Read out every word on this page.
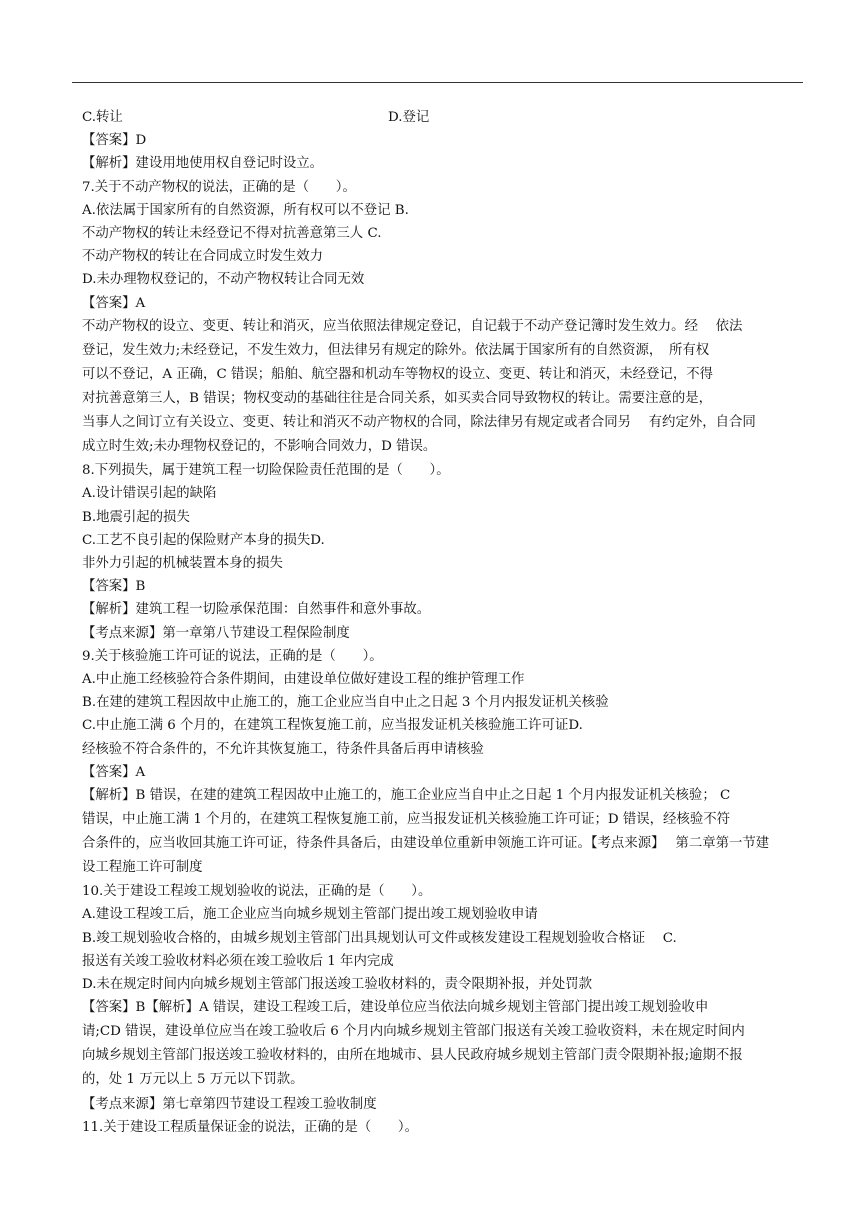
C.转让	D.登记
【答案】D
【解析】建设用地使用权自登记时设立。
7.关于不动产物权的说法，正确的是（　　）。
A.依法属于国家所有的自然资源，所有权可以不登记 B.
不动产物权的转让未经登记不得对抗善意第三人 C.
不动产物权的转让在合同成立时发生效力
D.未办理物权登记的，不动产物权转让合同无效
【答案】A
不动产物权的设立、变更、转让和消灭，应当依照法律规定登记，自记载于不动产登记簿时发生效力。经　 依法
登记，发生效力;未经登记，不发生效力，但法律另有规定的除外。依法属于国家所有的自然资源，　所有权
可以不登记，A 正确，C 错误；船舶、航空器和机动车等物权的设立、变更、转让和消灭，未经登记，不得
对抗善意第三人，B 错误；物权变动的基础往往是合同关系，如买卖合同导致物权的转让。需要注意的是，
当事人之间订立有关设立、变更、转让和消灭不动产物权的合同，除法律另有规定或者合同另　 有约定外，自合同
成立时生效;未办理物权登记的，不影响合同效力，D 错误。
8.下列损失，属于建筑工程一切险保险责任范围的是（　　）。
A.设计错误引起的缺陷
B.地震引起的损失
C.工艺不良引起的保险财产本身的损失D.
非外力引起的机械装置本身的损失
【答案】B
【解析】建筑工程一切险承保范围：自然事件和意外事故。
【考点来源】第一章第八节建设工程保险制度
9.关于核验施工许可证的说法，正确的是（　　）。
A.中止施工经核验符合条件期间，由建设单位做好建设工程的维护管理工作
B.在建的建筑工程因故中止施工的，施工企业应当自中止之日起 3 个月内报发证机关核验
C.中止施工满 6 个月的，在建筑工程恢复施工前，应当报发证机关核验施工许可证D.
经核验不符合条件的，不允许其恢复施工，待条件具备后再申请核验
【答案】A
【解析】B 错误，在建的建筑工程因故中止施工的，施工企业应当自中止之日起 1 个月内报发证机关核验； C
错误，中止施工满 1 个月的，在建筑工程恢复施工前，应当报发证机关核验施工许可证；D 错误，经核验不符
合条件的，应当收回其施工许可证，待条件具备后，由建设单位重新申领施工许可证。【考点来源】　 第二章第一节建
设工程施工许可制度
10.关于建设工程竣工规划验收的说法，正确的是（　　）。
A.建设工程竣工后，施工企业应当向城乡规划主管部门提出竣工规划验收申请
B.竣工规划验收合格的，由城乡规划主管部门出具规划认可文件或核发建设工程规划验收合格证　 C.
报送有关竣工验收材料必须在竣工验收后 1 年内完成
D.未在规定时间内向城乡规划主管部门报送竣工验收材料的，责令限期补报，并处罚款
【答案】B【解析】A 错误，建设工程竣工后，建设单位应当依法向城乡规划主管部门提出竣工规划验收申
请;CD 错误，建设单位应当在竣工验收后 6 个月内向城乡规划主管部门报送有关竣工验收资料，未在规定时间内
向城乡规划主管部门报送竣工验收材料的，由所在地城市、县人民政府城乡规划主管部门责令限期补报;逾期不报
的，处 1 万元以上 5 万元以下罚款。
【考点来源】第七章第四节建设工程竣工验收制度
11.关于建设工程质量保证金的说法，正确的是（　　）。
